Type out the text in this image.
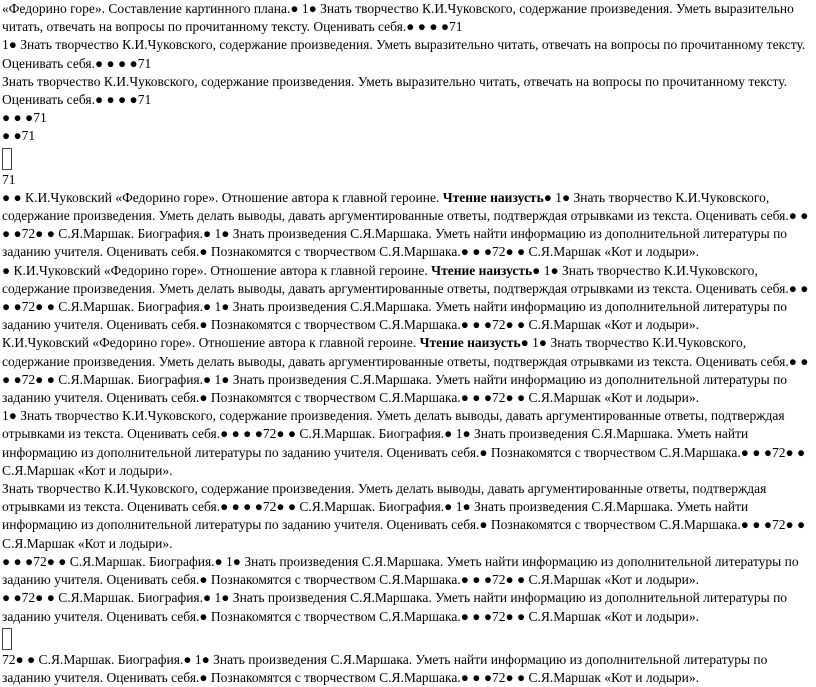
«Федорино горе». Составление картинного плана.● 1● Знать творчество К.И.Чуковского, содержание произведения. Уметь выразительно читать, отвечать на вопросы по прочитанному тексту. Оценивать себя.● ● ● ●71

1● Знать творчество К.И.Чуковского, содержание произведения. Уметь выразительно читать, отвечать на вопросы по прочитанному тексту. Оценивать себя.● ● ● ●71

Знать творчество К.И.Чуковского, содержание произведения. Уметь выразительно читать, отвечать на вопросы по прочитанному тексту. Оценивать себя.● ● ● ●71

● ● ●71

● ●71

71

● ● К.И.Чуковский «Федорино горе». Отношение автора к главной героине. Чтение наизусть● 1● Знать творчество К.И.Чуковского, содержание произведения. Уметь делать выводы, давать аргументированные ответы, подтверждая отрывками из текста. Оценивать себя.● ● ● ●72● ● С.Я.Маршак. Биография.● 1● Знать произведения С.Я.Маршака. Уметь найти информацию из дополнительной литературы по заданию учителя. Оценивать себя.● Познакомятся с творчеством С.Я.Маршака.● ● ●72● ● С.Я.Маршак «Кот и лодыри».

● К.И.Чуковский «Федорино горе». Отношение автора к главной героине. Чтение наизусть● 1● Знать творчество К.И.Чуковского, содержание произведения. Уметь делать выводы, давать аргументированные ответы, подтверждая отрывками из текста. Оценивать себя.● ● ● ●72● ● С.Я.Маршак. Биография.● 1● Знать произведения С.Я.Маршака. Уметь найти информацию из дополнительной литературы по заданию учителя. Оценивать себя.● Познакомятся с творчеством С.Я.Маршака.● ● ●72● ● С.Я.Маршак «Кот и лодыри».

К.И.Чуковский «Федорино горе». Отношение автора к главной героине. Чтение наизусть● 1● Знать творчество К.И.Чуковского, содержание произведения. Уметь делать выводы, давать аргументированные ответы, подтверждая отрывками из текста. Оценивать себя.● ● ● ●72● ● С.Я.Маршак. Биография.● 1● Знать произведения С.Я.Маршака. Уметь найти информацию из дополнительной литературы по заданию учителя. Оценивать себя.● Познакомятся с творчеством С.Я.Маршака.● ● ●72● ● С.Я.Маршак «Кот и лодыри».

1● Знать творчество К.И.Чуковского, содержание произведения. Уметь делать выводы, давать аргументированные ответы, подтверждая отрывками из текста. Оценивать себя.● ● ● ●72● ● С.Я.Маршак. Биография.● 1● Знать произведения С.Я.Маршака. Уметь найти информацию из дополнительной литературы по заданию учителя. Оценивать себя.● Познакомятся с творчеством С.Я.Маршака.● ● ●72● ● С.Я.Маршак «Кот и лодыри».

Знать творчество К.И.Чуковского, содержание произведения. Уметь делать выводы, давать аргументированные ответы, подтверждая отрывками из текста. Оценивать себя.● ● ● ●72● ● С.Я.Маршак. Биография.● 1● Знать произведения С.Я.Маршака. Уметь найти информацию из дополнительной литературы по заданию учителя. Оценивать себя.● Познакомятся с творчеством С.Я.Маршака.● ● ●72● ● С.Я.Маршак «Кот и лодыри».

● ● ●72● ● С.Я.Маршак. Биография.● 1● Знать произведения С.Я.Маршака. Уметь найти информацию из дополнительной литературы по заданию учителя. Оценивать себя.● Познакомятся с творчеством С.Я.Маршака.● ● ●72● ● С.Я.Маршак «Кот и лодыри».

● ●72● ● С.Я.Маршак. Биография.● 1● Знать произведения С.Я.Маршака. Уметь найти информацию из дополнительной литературы по заданию учителя. Оценивать себя.● Познакомятся с творчеством С.Я.Маршака.● ● ●72● ● С.Я.Маршак «Кот и лодыри».

72● ● С.Я.Маршак. Биография.● 1● Знать произведения С.Я.Маршака. Уметь найти информацию из дополнительной литературы по заданию учителя. Оценивать себя.● Познакомятся с творчеством С.Я.Маршака.● ● ●72● ● С.Я.Маршак «Кот и лодыри».
